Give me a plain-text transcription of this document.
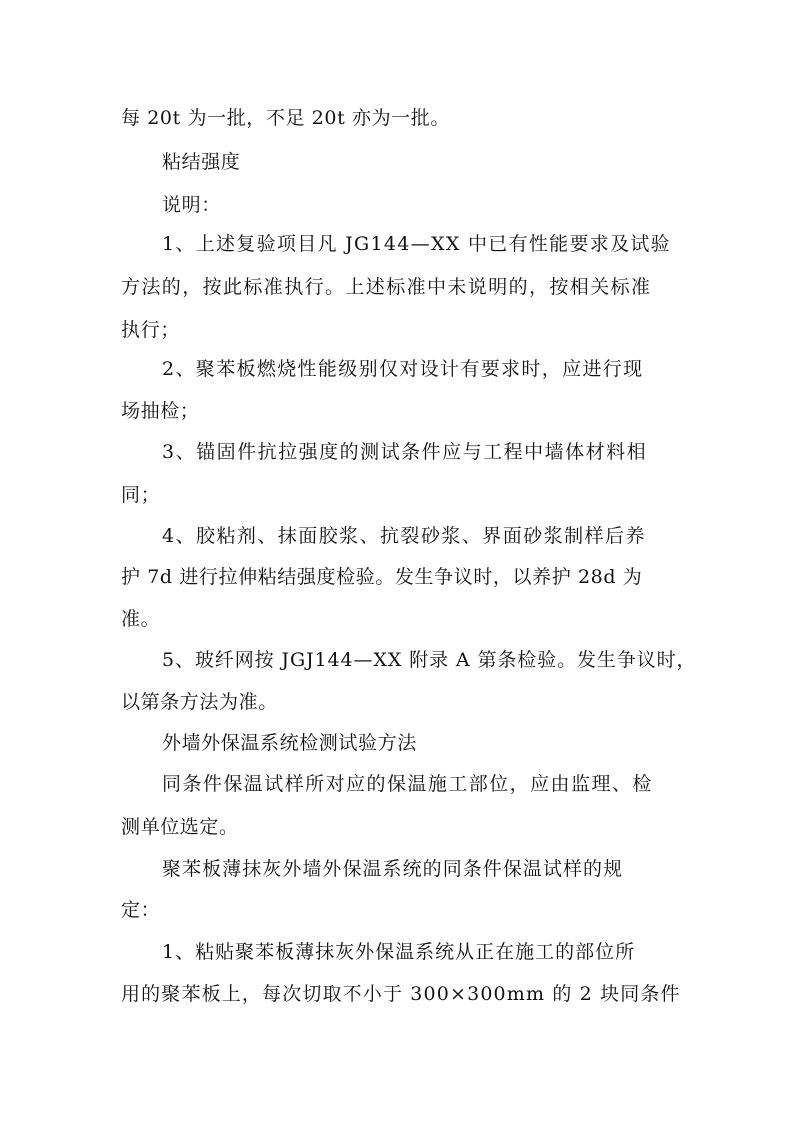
每 20t 为一批，不足 20t 亦为一批。
粘结强度
说明：
1、上述复验项目凡 JG144—XX 中已有性能要求及试验
方法的，按此标准执行。上述标准中未说明的，按相关标准
执行；
2、聚苯板燃烧性能级别仅对设计有要求时，应进行现
场抽检；
3、锚固件抗拉强度的测试条件应与工程中墙体材料相
同；
4、胶粘剂、抹面胶浆、抗裂砂浆、界面砂浆制样后养
护 7d 进行拉伸粘结强度检验。发生争议时，以养护 28d 为
准。
5、玻纤网按 JGJ144—XX 附录 A 第条检验。发生争议时，
以第条方法为准。
外墙外保温系统检测试验方法
同条件保温试样所对应的保温施工部位，应由监理、检
测单位选定。
聚苯板薄抹灰外墙外保温系统的同条件保温试样的规
定：
1、粘贴聚苯板薄抹灰外保温系统从正在施工的部位所
用的聚苯板上，每次切取不小于 300×300mm 的 2 块同条件
